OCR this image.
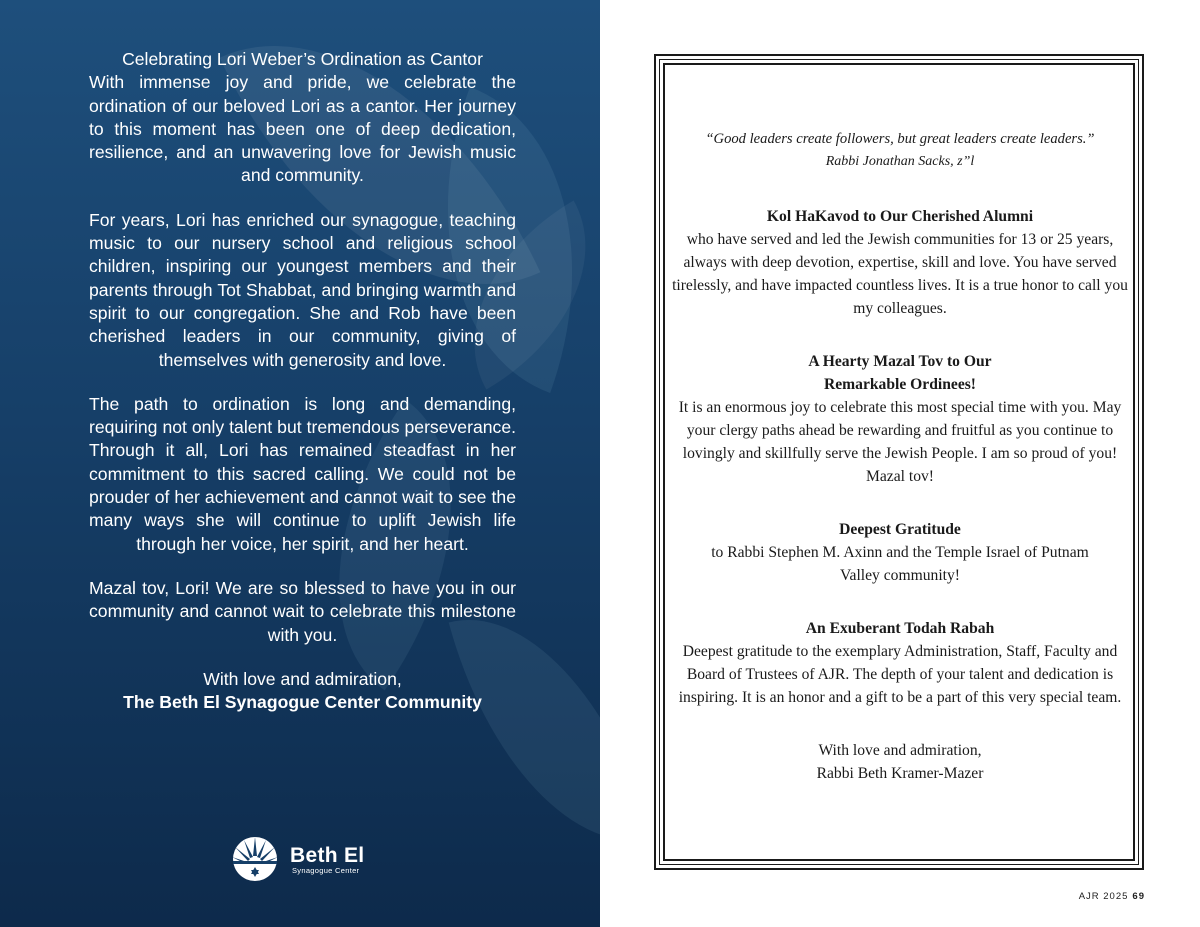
Celebrating Lori Weber’s Ordination as Cantor
With immense joy and pride, we celebrate the ordination of our beloved Lori as a cantor. Her journey to this moment has been one of deep dedication, resilience, and an unwavering love for Jewish music and community.

For years, Lori has enriched our synagogue, teaching music to our nursery school and religious school children, inspiring our youngest members and their parents through Tot Shabbat, and bringing warmth and spirit to our congregation. She and Rob have been cherished leaders in our community, giving of themselves with generosity and love.

The path to ordination is long and demanding, requiring not only talent but tremendous perseverance. Through it all, Lori has remained steadfast in her commitment to this sacred calling. We could not be prouder of her achievement and cannot wait to see the many ways she will continue to uplift Jewish life through her voice, her spirit, and her heart.

Mazal tov, Lori! We are so blessed to have you in our community and cannot wait to celebrate this milestone with you.

With love and admiration,
The Beth El Synagogue Center Community

Beth El
Synagogue Center
“Good leaders create followers, but great leaders create leaders.”
Rabbi Jonathan Sacks, z”l
Kol HaKavod to Our Cherished Alumni
who have served and led the Jewish communities for 13 or 25 years, always with deep devotion, expertise, skill and love. You have served tirelessly, and have impacted countless lives. It is a true honor to call you my colleagues.
A Hearty Mazal Tov to Our Remarkable Ordinees!
It is an enormous joy to celebrate this most special time with you. May your clergy paths ahead be rewarding and fruitful as you continue to lovingly and skillfully serve the Jewish People. I am so proud of you! Mazal tov!
Deepest Gratitude
to Rabbi Stephen M. Axinn and the Temple Israel of Putnam Valley community!
An Exuberant Todah Rabah
Deepest gratitude to the exemplary Administration, Staff, Faculty and Board of Trustees of AJR. The depth of your talent and dedication is inspiring. It is an honor and a gift to be a part of this very special team.
With love and admiration,
Rabbi Beth Kramer-Mazer
AJR 2025 69
